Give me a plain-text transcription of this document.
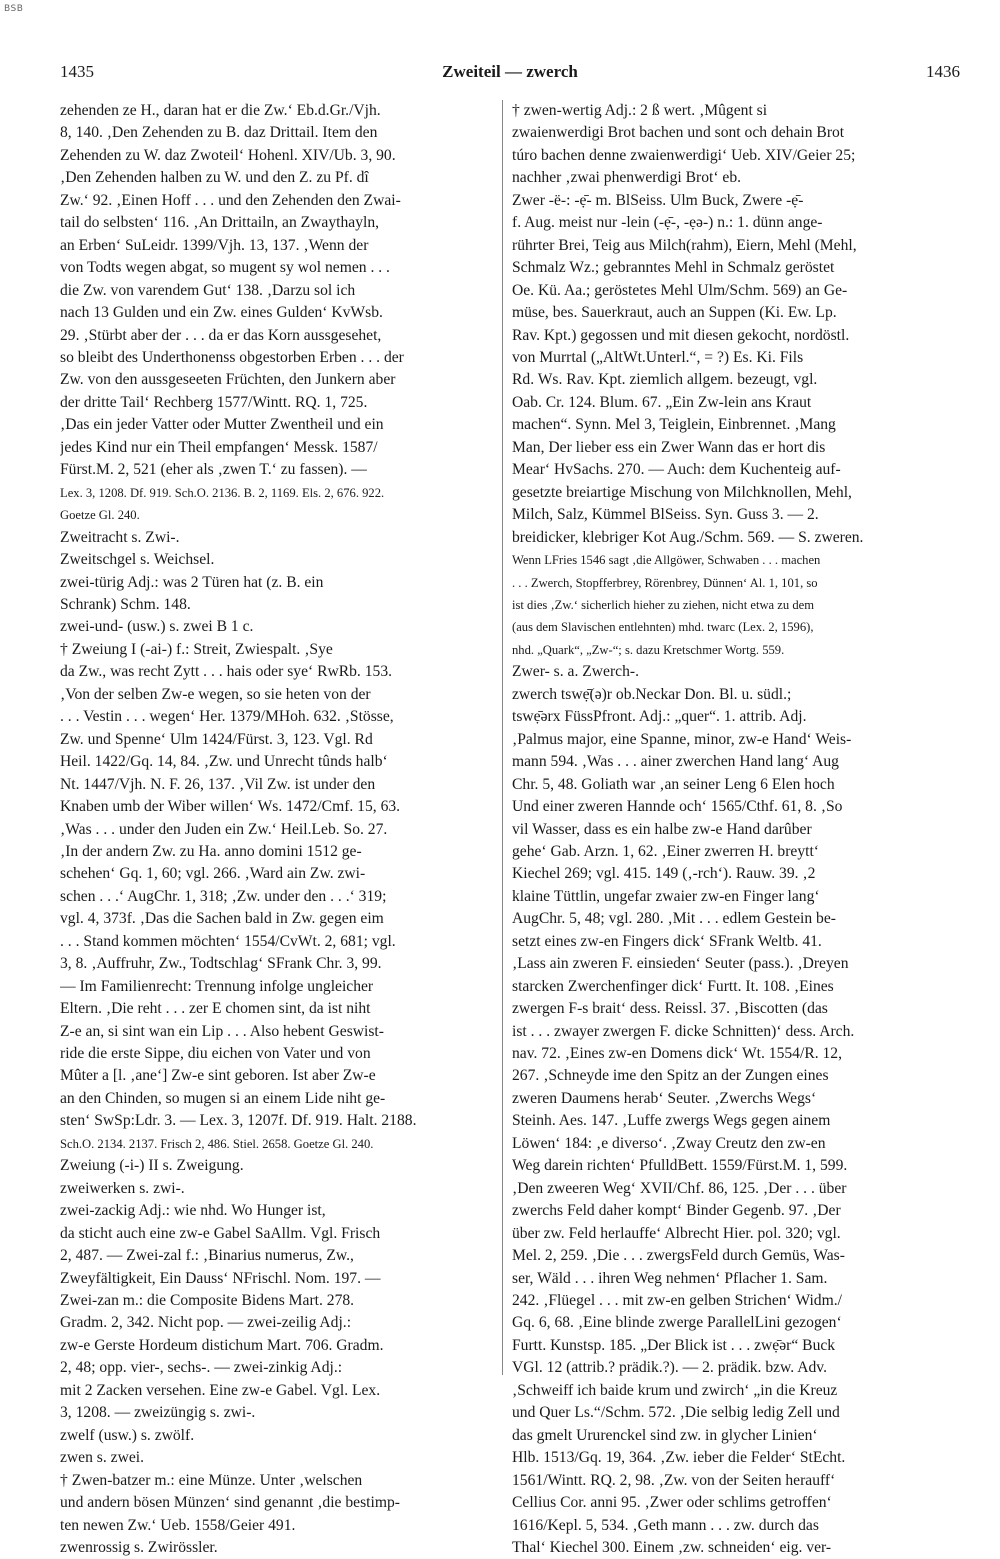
BSB
1435	Zweiteil — zwerch	1436
zehenden ze H., daran hat er die Zw.‘ Eb.d.Gr./Vjh.
8, 140. ‚Den Zehenden zu B. daz Drittail. Item den
Zehenden zu W. daz Zwoteil‘ Hohenl. XIV/Ub. 3, 90.
‚Den Zehenden halben zu W. und den Z. zu Pf. dî
Zw.‘ 92. ‚Einen Hoff . . . und den Zehenden den Zwai-
tail do selbsten‘ 116. ‚An Drittailn, an Zwaythayln,
an Erben‘ SuLeidr. 1399/Vjh. 13, 137. ‚Wenn der
von Todts wegen abgat, so mugent sy wol nemen . . .
die Zw. von varendem Gut‘ 138. ‚Darzu sol ich
nach 13 Gulden und ein Zw. eines Gulden‘ KvWsb.
29. ‚Stürbt aber der . . . da er das Korn aussgesehet,
so bleibt des Underthonenss obgestorben Erben . . . der
Zw. von den aussgeseeten Früchten, den Junkern aber
der dritte Tail‘ Rechberg 1577/Wintt. RQ. 1, 725.
‚Das ein jeder Vatter oder Mutter Zwentheil und ein
jedes Kind nur ein Theil empfangen‘ Messk. 1587/
Fürst.M. 2, 521 (eher als ‚zwen T.‘ zu fassen). —
Lex. 3, 1208. Df. 919. Sch.O. 2136. B. 2, 1169. Els. 2, 676. 922.
Goetze Gl. 240.
Zweitracht s. Zwi-.
Zweitschgel s. Weichsel.
zwei-türig Adj.: was 2 Türen hat (z. B. ein
Schrank) Schm. 148.
zwei-und- (usw.) s. zwei B 1 c.
† Zweiung I (-ai-) f.: Streit, Zwiespalt. ‚Sye
da Zw., was recht Zytt . . . hais oder sye‘ RwRb. 153.
‚Von der selben Zw-e wegen, so sie heten von der
. . . Vestin . . . wegen‘ Her. 1379/MHoh. 632. ‚Stösse,
Zw. und Spenne‘ Ulm 1424/Fürst. 3, 123. Vgl. Rd
Heil. 1422/Gq. 14, 84. ‚Zw. und Unrecht tûnds halb‘
Nt. 1447/Vjh. N. F. 26, 137. ‚Vil Zw. ist under den
Knaben umb der Wiber willen‘ Ws. 1472/Cmf. 15, 63.
‚Was . . . under den Juden ein Zw.‘ Heil.Leb. So. 27.
‚In der andern Zw. zu Ha. anno domini 1512 ge-
schehen‘ Gq. 1, 60; vgl. 266. ‚Ward ain Zw. zwi-
schen . . .‘ AugChr. 1, 318; ‚Zw. under den . . .‘ 319;
vgl. 4, 373f. ‚Das die Sachen bald in Zw. gegen eim
. . . Stand kommen möchten‘ 1554/CvWt. 2, 681; vgl.
3, 8. ‚Auffruhr, Zw., Todtschlag‘ SFrank Chr. 3, 99.
— Im Familienrecht: Trennung infolge ungleicher
Eltern. ‚Die reht . . . zer E chomen sint, da ist niht
Z-e an, si sint wan ein Lip . . . Also hebent Geswist-
ride die erste Sippe, diu eichen von Vater und von
Mûter a [l. ‚ane‘] Zw-e sint geboren. Ist aber Zw-e
an den Chinden, so mugen si an einem Lide niht ge-
sten‘ SwSp:Ldr. 3. — Lex. 3, 1207f. Df. 919. Halt. 2188.
Sch.O. 2134. 2137. Frisch 2, 486. Stiel. 2658. Goetze Gl. 240.
Zweiung (-i-) II s. Zweigung.
zweiwerken s. zwi-.
zwei-zackig Adj.: wie nhd. Wo Hunger ist,
da sticht auch eine zw-e Gabel SaAllm. Vgl. Frisch
2, 487. — Zwei-zal f.: ‚Binarius numerus, Zw.,
Zweyfältigkeit, Ein Dauss‘ NFrischl. Nom. 197. —
Zwei-zan m.: die Composite Bidens Mart. 278.
Gradm. 2, 342. Nicht pop. — zwei-zeilig Adj.:
zw-e Gerste Hordeum distichum Mart. 706. Gradm.
2, 48; opp. vier-, sechs-. — zwei-zinkig Adj.:
mit 2 Zacken versehen. Eine zw-e Gabel. Vgl. Lex.
3, 1208. — zweizüngig s. zwi-.
zwelf (usw.) s. zwölf.
zwen s. zwei.
† Zwen-batzer m.: eine Münze. Unter ‚welschen
und andern bösen Münzen‘ sind genannt ‚die bestimp-
ten newen Zw.‘ Ueb. 1558/Geier 491.
zwenrossig s. Zwirössler.
† zwen-wertig Adj.: 2 ß wert. ‚Mûgent si
zwaienwerdigi Brot bachen und sont och dehain Brot
túro bachen denne zwaienwerdigi‘ Ueb. XIV/Geier 25;
nachher ‚zwai phenwerdigi Brot‘ eb.
Zwer -ë-: -ẹ̄- m. BlSeiss. Ulm Buck, Zwere -ẹ̄-
f. Aug. meist nur -lein (-ẹ̄-, -ẹə-) n.: 1. dünn ange-
rührter Brei, Teig aus Milch(rahm), Eiern, Mehl (Mehl,
Schmalz Wz.; gebranntes Mehl in Schmalz geröstet
Oe. Kü. Aa.; geröstetes Mehl Ulm/Schm. 569) an Ge-
müse, bes. Sauerkraut, auch an Suppen (Ki. Ew. Lp.
Rav. Kpt.) gegossen und mit diesen gekocht, nordöstl.
von Murrtal („AltWt.Unterl.“, = ?) Es. Ki. Fils
Rd. Ws. Rav. Kpt. ziemlich allgem. bezeugt, vgl.
Oab. Cr. 124. Blum. 67. „Ein Zw-lein ans Kraut
machen“. Synn. Mel 3, Teiglein, Einbrennet. ‚Mang
Man, Der lieber ess ein Zwer Wann das er hort dis
Mear‘ HvSachs. 270. — Auch: dem Kuchenteig auf-
gesetzte breiartige Mischung von Milchknollen, Mehl,
Milch, Salz, Kümmel BlSeiss. Syn. Guss 3. — 2.
breidicker, klebriger Kot Aug./Schm. 569. — S. zweren.
Wenn LFries 1546 sagt ‚die Allgöwer, Schwaben . . . machen
. . . Zwerch, Stopfferbrey, Rörenbrey, Dünnen‘ Al. 1, 101, so
ist dies ‚Zw.‘ sicherlich hieher zu ziehen, nicht etwa zu dem
(aus dem Slavischen entlehnten) mhd. twarc (Lex. 2, 1596),
nhd. „Quark“, „Zw-“; s. dazu Kretschmer Wortg. 559.
Zwer- s. a. Zwerch-.
zwerch tswẹ̄(ə)r ob.Neckar Don. Bl. u. südl.;
tswẹ̄ərx FüssPfront. Adj.: „quer“. 1. attrib. Adj.
‚Palmus major, eine Spanne, minor, zw-e Hand‘ Weis-
mann 594. ‚Was . . . ainer zwerchen Hand lang‘ Aug
Chr. 5, 48. Goliath war ‚an seiner Leng 6 Elen hoch
Und einer zweren Hannde och‘ 1565/Cthf. 61, 8. ‚So
vil Wasser, dass es ein halbe zw-e Hand darûber
gehe‘ Gab. Arzn. 1, 62. ‚Einer zwerren H. breytt‘
Kiechel 269; vgl. 415. 149 (‚-rch‘). Rauw. 39. ‚2
klaine Tüttlin, ungefar zwaier zw-en Finger lang‘
AugChr. 5, 48; vgl. 280. ‚Mit . . . edlem Gestein be-
setzt eines zw-en Fingers dick‘ SFrank Weltb. 41.
‚Lass ain zweren F. einsieden‘ Seuter (pass.). ‚Dreyen
starcken Zwerchenfinger dick‘ Furtt. It. 108. ‚Eines
zwergen F-s brait‘ dess. Reissl. 37. ‚Biscotten (das
ist . . . zwayer zwergen F. dicke Schnitten)‘ dess. Arch.
nav. 72. ‚Eines zw-en Domens dick‘ Wt. 1554/R. 12,
267. ‚Schneyde ime den Spitz an der Zungen eines
zweren Daumens herab‘ Seuter. ‚Zwerchs Wegs‘
Steinh. Aes. 147. ‚Luffe zwergs Wegs gegen ainem
Löwen‘ 184: ‚e diverso‘. ‚Zway Creutz den zw-en
Weg darein richten‘ PfulldBett. 1559/Fürst.M. 1, 599.
‚Den zweeren Weg‘ XVII/Chf. 86, 125. ‚Der . . . über
zwerchs Feld daher kompt‘ Binder Gegenb. 97. ‚Der
über zw. Feld herlauffe‘ Albrecht Hier. pol. 320; vgl.
Mel. 2, 259. ‚Die . . . zwergsFeld durch Gemüs, Was-
ser, Wäld . . . ihren Weg nehmen‘ Pflacher 1. Sam.
242. ‚Flüegel . . . mit zw-en gelben Strichen‘ Widm./
Gq. 6, 68. ‚Eine blinde zwerge ParallelLini gezogen‘
Furtt. Kunstsp. 185. „Der Blick ist . . . zwẹ̄ər“ Buck
VGl. 12 (attrib.? prädik.?). — 2. prädik. bzw. Adv.
‚Schweiff ich baide krum und zwirch‘ „in die Kreuz
und Quer Ls.“/Schm. 572. ‚Die selbig ledig Zell und
das gmelt Ururenckel sind zw. in glycher Linien‘
Hlb. 1513/Gq. 19, 364. ‚Zw. ieber die Felder‘ StEcht.
1561/Wintt. RQ. 2, 98. ‚Zw. von der Seiten herauff‘
Cellius Cor. anni 95. ‚Zwer oder schlims getroffen‘
1616/Kepl. 5, 534. ‚Geth mann . . . zw. durch das
Thal‘ Kiechel 300. Einem ‚zw. schneiden‘ eig. ver-
